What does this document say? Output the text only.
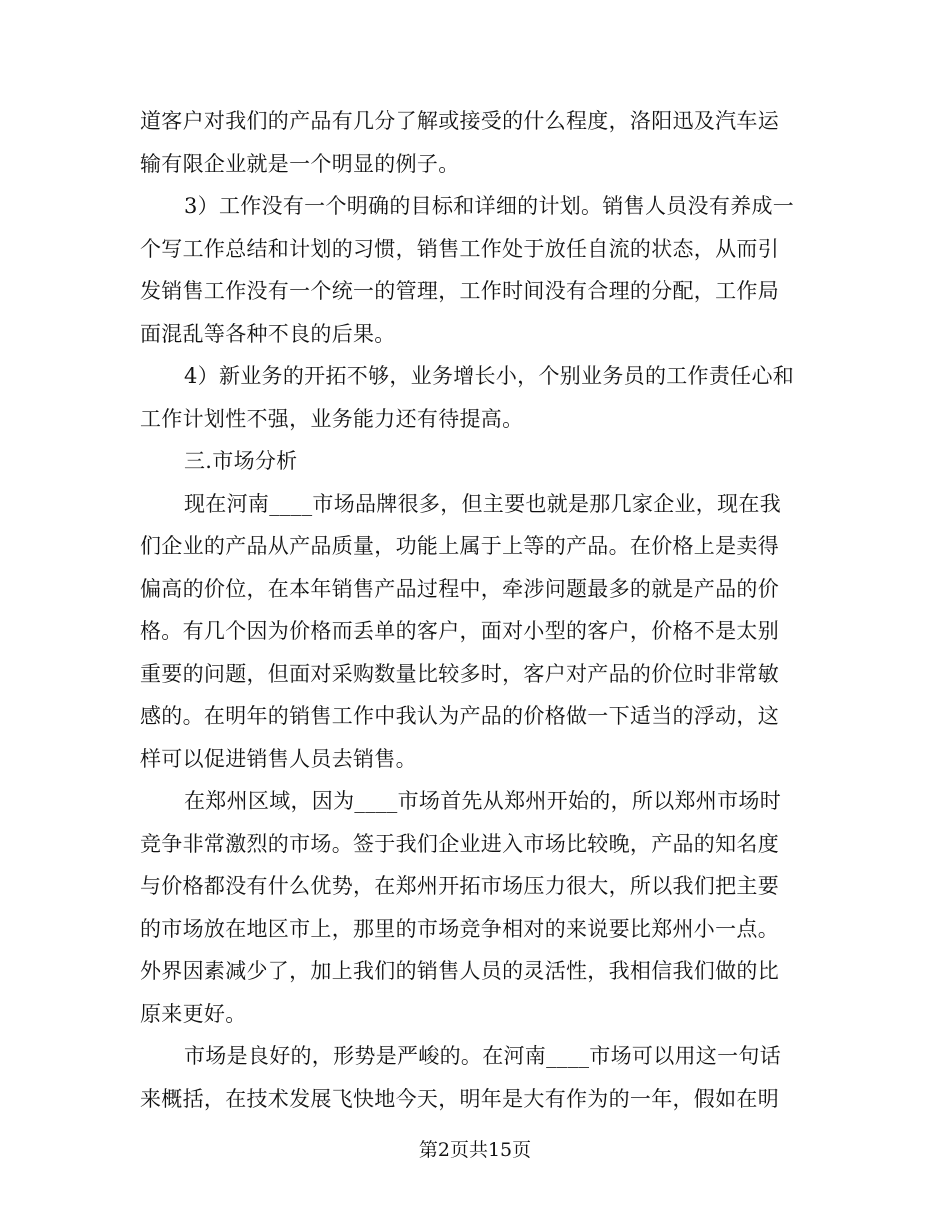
道客户对我们的产品有几分了解或接受的什么程度，洛阳迅及汽车运
输有限企业就是一个明显的例子。
3）工作没有一个明确的目标和详细的计划。销售人员没有养成一
个写工作总结和计划的习惯，销售工作处于放任自流的状态，从而引
发销售工作没有一个统一的管理，工作时间没有合理的分配，工作局
面混乱等各种不良的后果。
4）新业务的开拓不够，业务增长小，个别业务员的工作责任心和
工作计划性不强，业务能力还有待提高。
三.市场分析
现在河南____市场品牌很多，但主要也就是那几家企业，现在我
们企业的产品从产品质量，功能上属于上等的产品。在价格上是卖得
偏高的价位，在本年销售产品过程中，牵涉问题最多的就是产品的价
格。有几个因为价格而丢单的客户，面对小型的客户，价格不是太别
重要的问题，但面对采购数量比较多时，客户对产品的价位时非常敏
感的。在明年的销售工作中我认为产品的价格做一下适当的浮动，这
样可以促进销售人员去销售。
在郑州区域，因为____市场首先从郑州开始的，所以郑州市场时
竞争非常激烈的市场。签于我们企业进入市场比较晚，产品的知名度
与价格都没有什么优势，在郑州开拓市场压力很大，所以我们把主要
的市场放在地区市上，那里的市场竞争相对的来说要比郑州小一点。
外界因素减少了，加上我们的销售人员的灵活性，我相信我们做的比
原来更好。
市场是良好的，形势是严峻的。在河南____市场可以用这一句话
来概括，在技术发展飞快地今天，明年是大有作为的一年，假如在明
第2页共15页
